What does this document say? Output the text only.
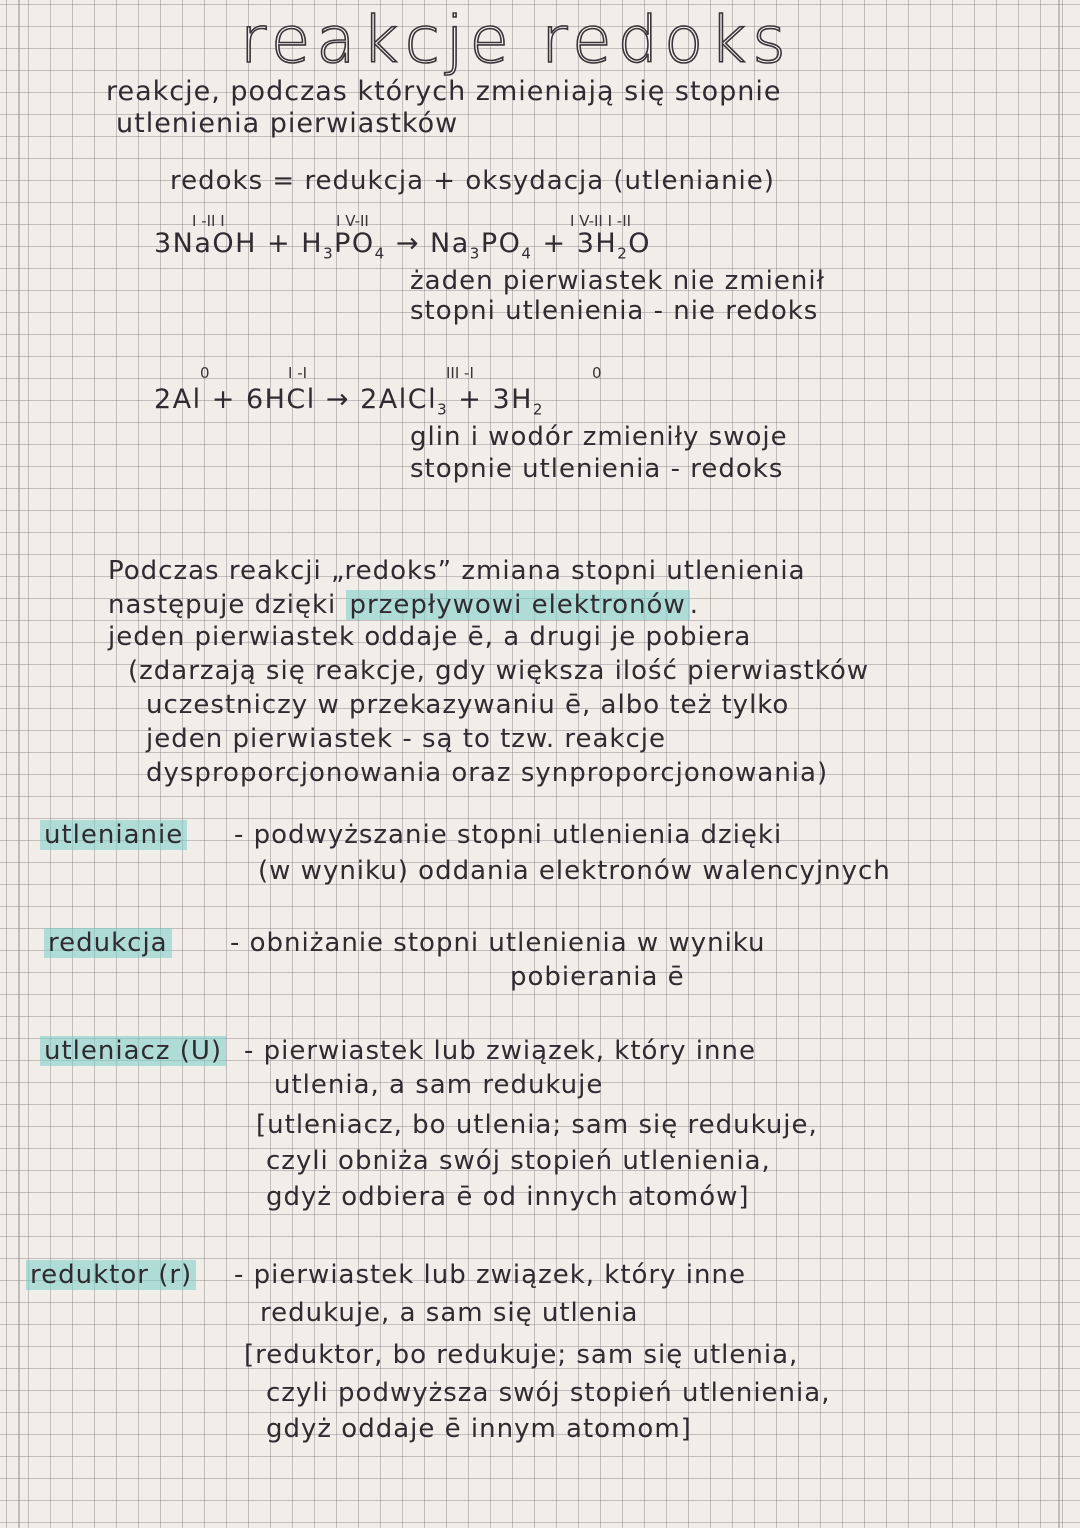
reakcje redoks
reakcje, podczas których zmieniają się stopnie
utlenienia pierwiastków
redoks = redukcja + oksydacja (utlenianie)
I -II I	I V-II	I V-II I -II
3NaOH + $H_3PO_4 \to Na_3PO_4 + 3H_2O$
żaden pierwiastek nie zmienił
stopni utlenienia - nie redoks
0	I -I	III -I	0
2Al + 6HCl → 2AlCl$_3$ + $3H_2$
glin i wodór zmieniły swoje
stopnie utlenienia - redoks
Podczas reakcji „redoks” zmiana stopni utlenienia
następuje dzięki przepływowi elektronów .
jeden pierwiastek oddaje ē, a drugi je pobiera
(zdarzają się reakcje, gdy większa ilość pierwiastków
uczestniczy w przekazywaniu ē, albo też tylko
jeden pierwiastek - są to tzw. reakcje
dysproporcjonowania oraz synproporcjonowania)
utlenianie - podwyższanie stopni utlenienia dzięki
(w wyniku) oddania elektronów walencyjnych
redukcja - obniżanie stopni utlenienia w wyniku
pobierania ē
utleniacz (U) - pierwiastek lub związek, który inne
utlenia, a sam redukuje
[utleniacz, bo utlenia; sam się redukuje,
czyli obniża swój stopień utlenienia,
gdyż odbiera ē od innych atomów]
reduktor (r) - pierwiastek lub związek, który inne
redukuje, a sam się utlenia
[reduktor, bo redukuje; sam się utlenia,
czyli podwyższa swój stopień utlenienia,
gdyż oddaje ē innym atomom]
